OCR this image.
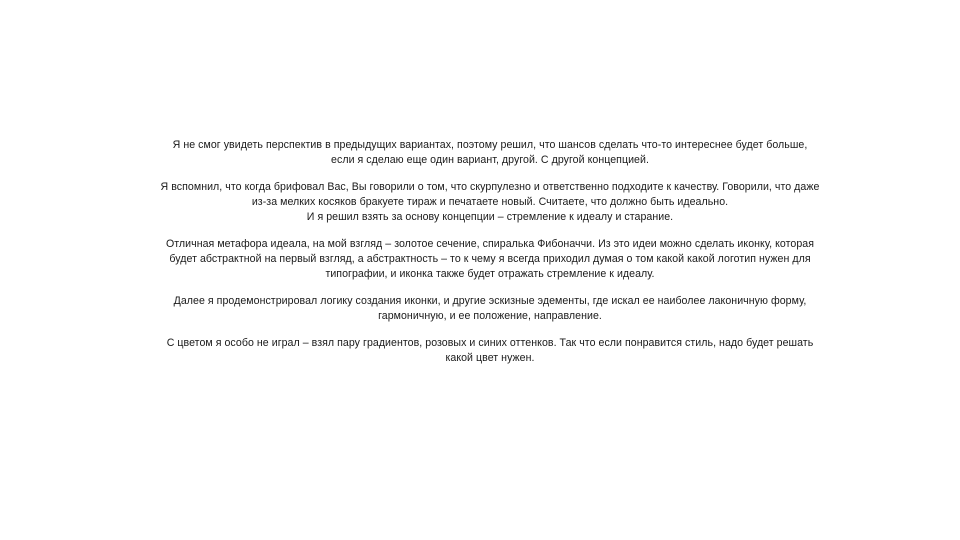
Я не смог увидеть перспектив в предыдущих вариантах, поэтому решил, что шансов сделать что-то интереснее будет больше,
если я сделаю еще один вариант, другой. С другой концепцией.

Я вспомнил, что когда брифовал Вас, Вы говорили о том, что скурпулезно и ответственно подходите к качеству. Говорили, что даже
из-за мелких косяков бракуете тираж и печатаете новый. Считаете, что должно быть идеально.
И я решил взять за основу концепции – стремление к идеалу и старание.

Отличная метафора идеала, на мой взгляд – золотое сечение, спиралька Фибоначчи. Из это идеи можно сделать иконку, которая
будет абстрактной на первый взгляд, а абстрактность – то к чему я всегда приходил думая о том какой какой логотип нужен для
типографии, и иконка также будет отражать стремление к идеалу.

Далее я продемонстрировал логику создания иконки, и другие эскизные эдементы, где искал ее наиболее лаконичную форму,
гармоничную, и ее положение, направление.

С цветом я особо не играл – взял пару градиентов, розовых и синих оттенков. Так что если понравится стиль, надо будет решать
какой цвет нужен.
